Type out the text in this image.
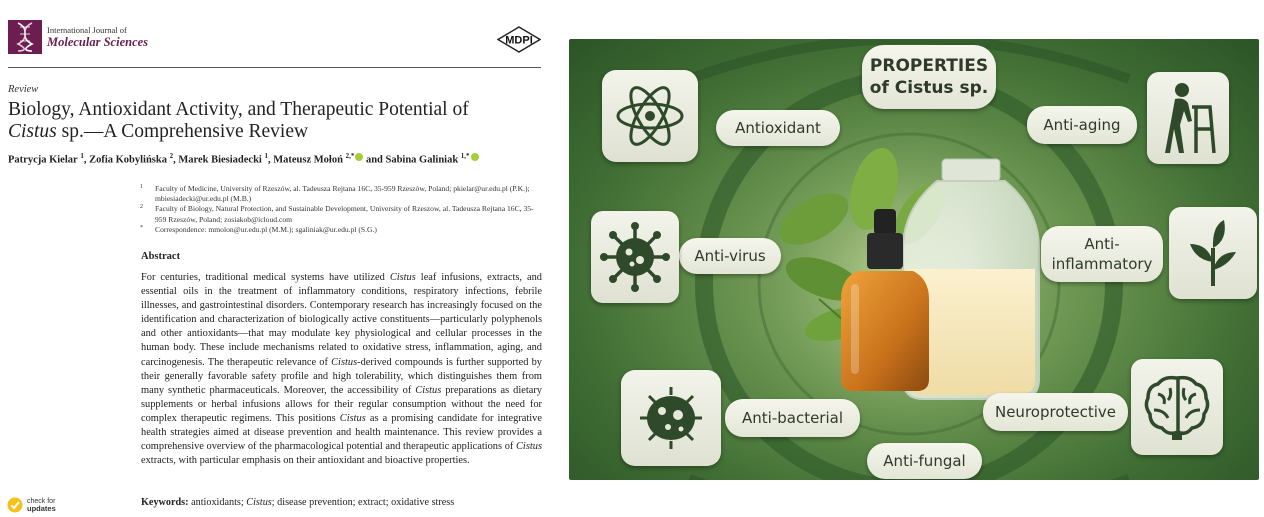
International Journal of
Molecular Sciences	MDPI
Review
Biology, Antioxidant Activity, and Therapeutic Potential of
Cistus sp.—A Comprehensive Review
Patrycja Kielar $^1$, Zofia Kobylińska $^2$, Marek Biesiadecki $^1$, Mateusz Mołoń $^{2,*}$ and Sabina Galiniak $^{1,*}$
1 Faculty of Medicine, University of Rzeszów, al. Tadeusza Rejtana 16C, 35-959 Rzeszów, Poland; pkielar@ur.edu.pl (P.K.); mbiesiadecki@ur.edu.pl (M.B.)
2 Faculty of Biology, Natural Protection, and Sustainable Development, University of Rzeszow, al. Tadeusza Rejtana 16C, 35-959 Rzeszów, Poland; zosiakob@icloud.com
* Correspondence: mmolon@ur.edu.pl (M.M.); sgaliniak@ur.edu.pl (S.G.)
Abstract
For centuries, traditional medical systems have utilized Cistus leaf infusions, extracts, and essential oils in the treatment of inflammatory conditions, respiratory infections, febrile illnesses, and gastrointestinal disorders. Contemporary research has increasingly focused on the identification and characterization of biologically active constituents—particularly polyphenols and other antioxidants—that may modulate key physiological and cellular processes in the human body. These include mechanisms related to oxidative stress, inflammation, aging, and carcinogenesis. The therapeutic relevance of Cistus-derived compounds is further supported by their generally favorable safety profile and high tolerability, which distinguishes them from many synthetic pharmaceuticals. Moreover, the accessibility of Cistus preparations as dietary supplements or herbal infusions allows for their regular consumption without the need for complex therapeutic regimens. This positions Cistus as a promising candidate for integrative health strategies aimed at disease prevention and health maintenance. This review provides a comprehensive overview of the pharmacological potential and therapeutic applications of Cistus extracts, with particular emphasis on their antioxidant and bioactive properties.
Keywords: antioxidants; Cistus; disease prevention; extract; oxidative stress
check for
updates
PROPERTIES
of Cistus sp.
Antioxidant	Anti-aging
Anti-virus
Anti-
inflammatory
Anti-bacterial	Neuroprotective
Anti-fungal
